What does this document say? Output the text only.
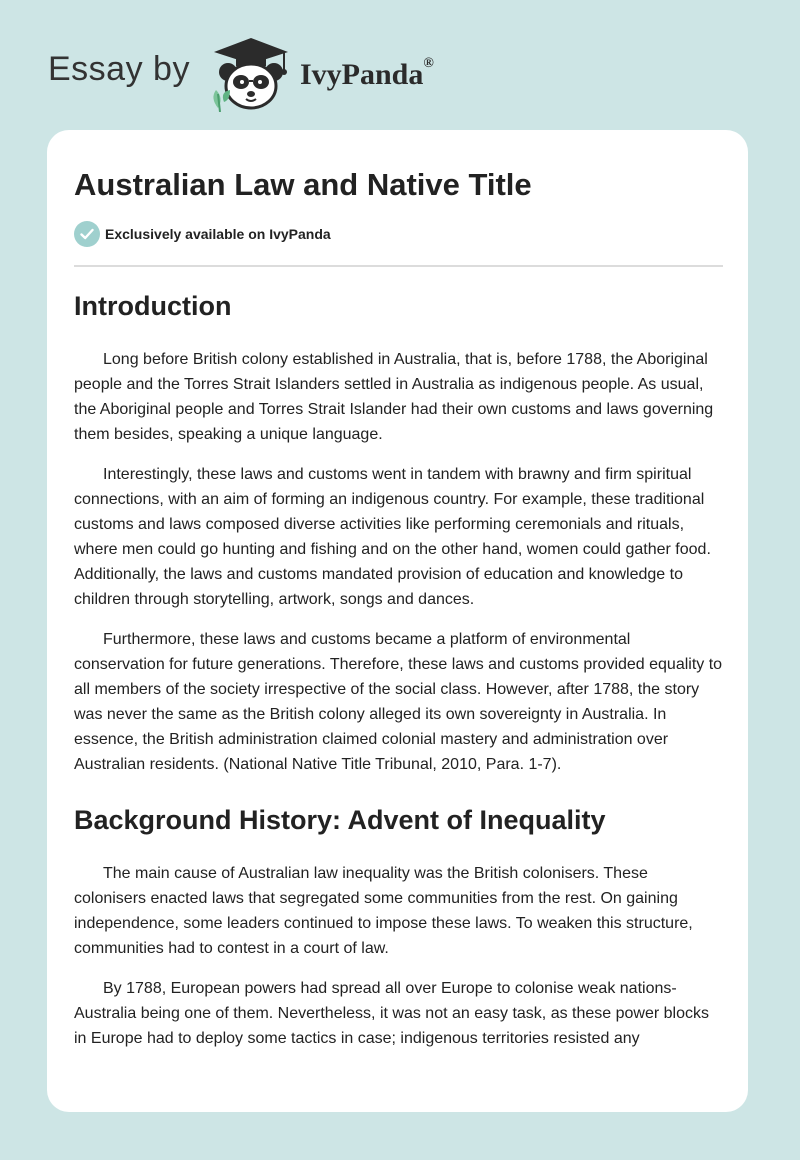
Essay by	IvyPanda®
Australian Law and Native Title
Exclusively available on IvyPanda
Introduction

Long before British colony established in Australia, that is, before 1788, the Aboriginal people and the Torres Strait Islanders settled in Australia as indigenous people. As usual, the Aboriginal people and Torres Strait Islander had their own customs and laws governing them besides, speaking a unique language.

Interestingly, these laws and customs went in tandem with brawny and firm spiritual connections, with an aim of forming an indigenous country. For example, these traditional customs and laws composed diverse activities like performing ceremonials and rituals, where men could go hunting and fishing and on the other hand, women could gather food. Additionally, the laws and customs mandated provision of education and knowledge to children through storytelling, artwork, songs and dances.

Furthermore, these laws and customs became a platform of environmental conservation for future generations. Therefore, these laws and customs provided equality to all members of the society irrespective of the social class. However, after 1788, the story was never the same as the British colony alleged its own sovereignty in Australia. In essence, the British administration claimed colonial mastery and administration over Australian residents. (National Native Title Tribunal, 2010, Para. 1-7).

Background History: Advent of Inequality

The main cause of Australian law inequality was the British colonisers. These colonisers enacted laws that segregated some communities from the rest. On gaining independence, some leaders continued to impose these laws. To weaken this structure, communities had to contest in a court of law.

By 1788, European powers had spread all over Europe to colonise weak nations-Australia being one of them. Nevertheless, it was not an easy task, as these power blocks in Europe had to deploy some tactics in case; indigenous territories resisted any
